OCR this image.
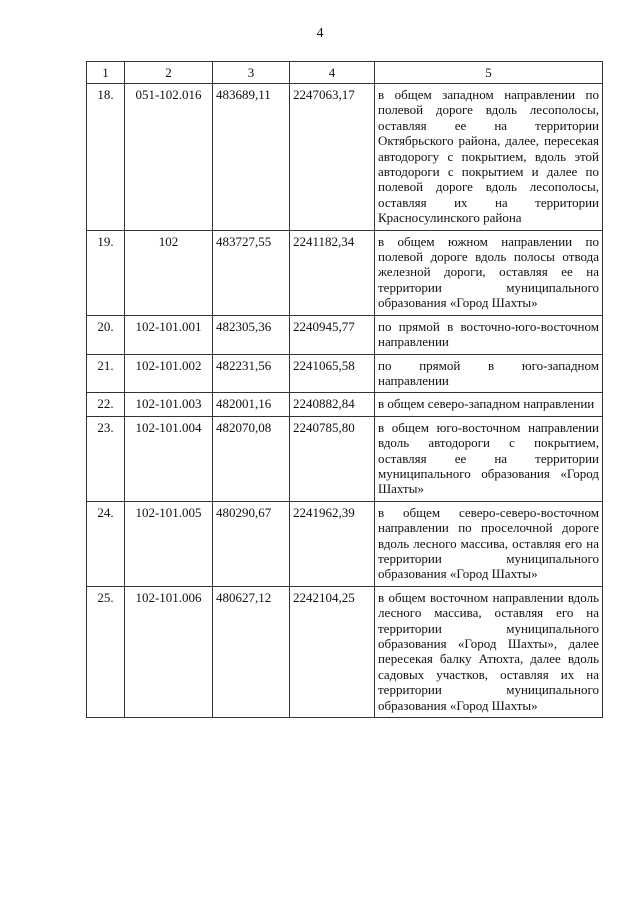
4
1	2	3	4	5
18.	051-102.016	483689,11	2247063,17	в общем западном направлении по полевой дороге вдоль лесополосы, оставляя ее на территории Октябрьского района, далее, пересекая автодорогу с покрытием, вдоль этой автодороги с покрытием и далее по полевой дороге вдоль лесополосы, оставляя их на территории Красносулинского района
19.	102	483727,55	2241182,34	в общем южном направлении по полевой дороге вдоль полосы отвода железной дороги, оставляя ее на территории муниципального образования «Город Шахты»
20.	102-101.001	482305,36	2240945,77	по прямой в восточно-юго-восточном направлении
21.	102-101.002	482231,56	2241065,58	по прямой в юго-западном направлении
22.	102-101.003	482001,16	2240882,84	в общем северо-западном направлении
23.	102-101.004	482070,08	2240785,80	в общем юго-восточном направлении вдоль автодороги с покрытием, оставляя ее на территории муниципального образования «Город Шахты»
24.	102-101.005	480290,67	2241962,39	в общем северо-северо-восточном направлении по проселочной дороге вдоль лесного массива, оставляя его на территории муниципального образования «Город Шахты»
25.	102-101.006	480627,12	2242104,25	в общем восточном направлении вдоль лесного массива, оставляя его на территории муниципального образования «Город Шахты», далее пересекая балку Атюхта, далее вдоль садовых участков, оставляя их на территории муниципального образования «Город Шахты»
